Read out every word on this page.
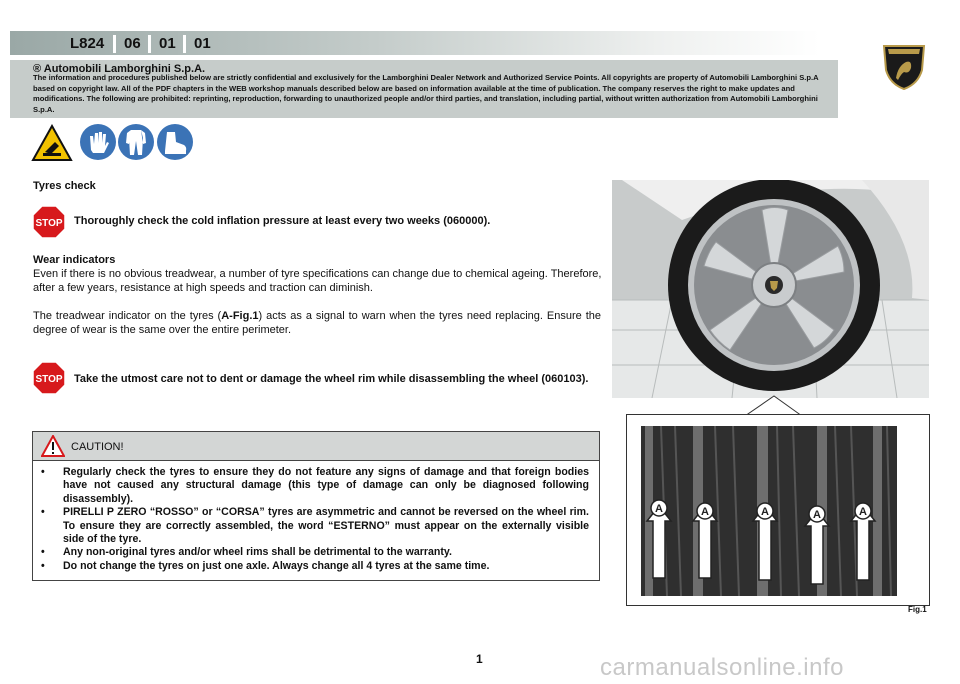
L824 06 01 01
® Automobili Lamborghini S.p.A.
The information and procedures published below are strictly confidential and exclusively for the Lamborghini Dealer Network and Authorized Service Points. All copyrights are property of Automobili Lamborghini S.p.A based on copyright law. All of the PDF chapters in the WEB workshop manuals described below are based on information available at the time of publication. The company reserves the right to make updates and modifications. The following are prohibited: reprinting, reproduction, forwarding to unauthorized people and/or third parties, and translation, including partial, without written authorization from Automobili Lamborghini S.p.A.
Tyres check
STOP Thoroughly check the cold inflation pressure at least every two weeks (060000).
Wear indicators
Even if there is no obvious treadwear, a number of tyre specifications can change due to chemical ageing. Therefore, after a few years, resistance at high speeds and traction can diminish.
The treadwear indicator on the tyres (A-Fig.1) acts as a signal to warn when the tyres need replacing. Ensure the degree of wear is the same over the entire perimeter.
STOP Take the utmost care not to dent or damage the wheel rim while disassembling the wheel (060103).
A	A	A	A	A
Fig.1
CAUTION!
• Regularly check the tyres to ensure they do not feature any signs of damage and that foreign bodies have not caused any structural damage (this type of damage can only be diagnosed following disassembly).
• PIRELLI P ZERO “ROSSO” or “CORSA” tyres are asymmetric and cannot be reversed on the wheel rim. To ensure they are correctly assembled, the word “ESTERNO” must appear on the externally visible side of the tyre.
• Any non-original tyres and/or wheel rims shall be detrimental to the warranty.
• Do not change the tyres on just one axle. Always change all 4 tyres at the same time.
1	carmanualsonline.info
